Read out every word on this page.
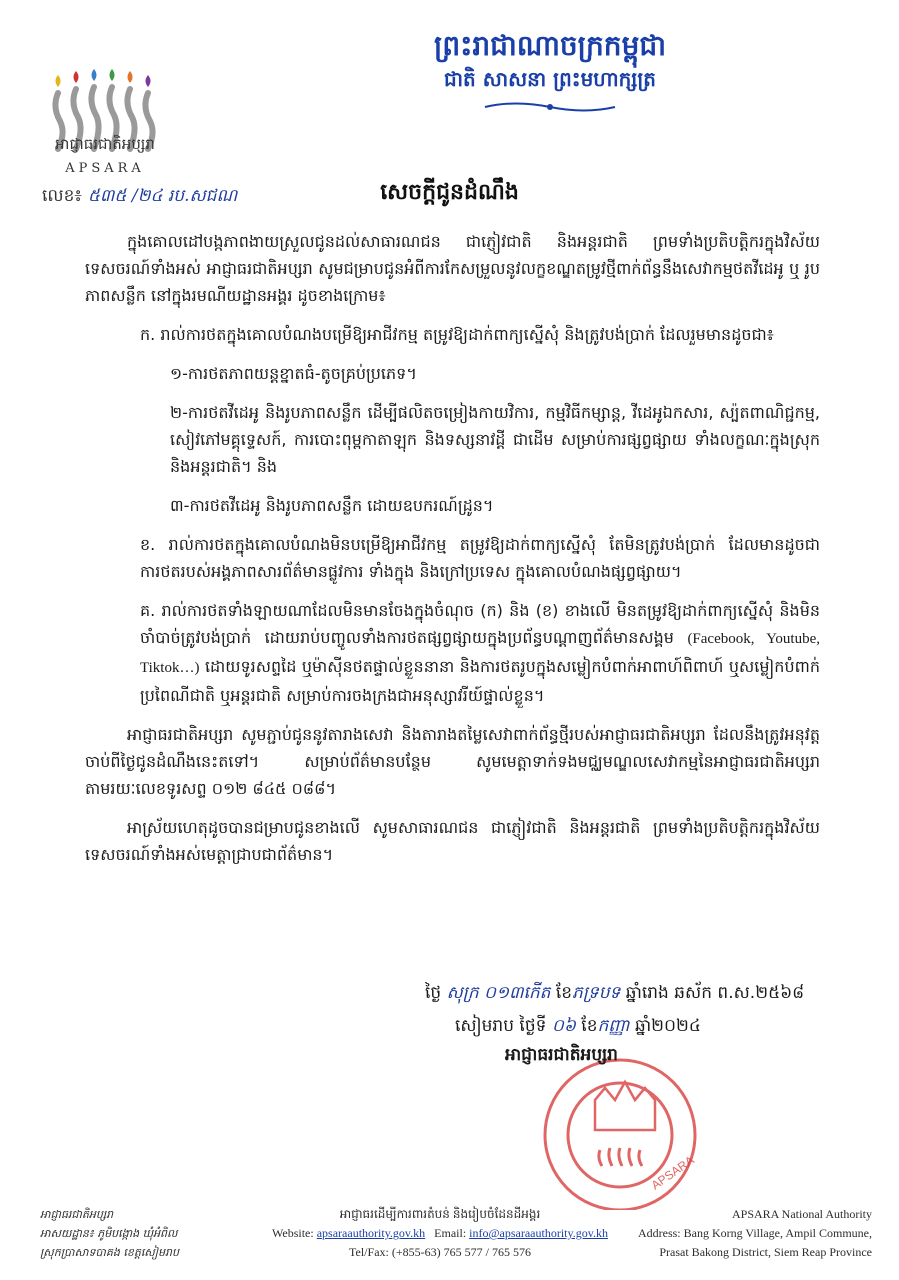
អាជ្ញាធរជាតិអប្សរា
APSARA
ព្រះរាជាណាចក្រកម្ពុជា
ជាតិ សាសនា ព្រះមហាក្សត្រ
លេខ៖ ៥៣៥ /២៤ រប.សជណ	សេចក្តីជូនដំណឹង

ក្នុងគោលដៅបង្កភាពងាយស្រួលជូនដល់សាធារណជន ជាភ្ញៀវជាតិ និងអន្តរជាតិ ព្រមទាំងប្រតិបត្តិករក្នុងវិស័យទេសចរណ៍ទាំងអស់ អាជ្ញាធរជាតិអប្សរា សូមជម្រាបជូនអំពីការកែសម្រួលនូវលក្ខខណ្ឌតម្រូវថ្មីពាក់ព័ន្ធនឹងសេវាកម្មថតវីដេអូ ឬ រូបភាពសន្លឹក នៅក្នុងរមណីយដ្ឋានអង្គរ ដូចខាងក្រោម៖

ក. រាល់ការថតក្នុងគោលបំណងបម្រើឱ្យអាជីវកម្ម តម្រូវឱ្យដាក់ពាក្យស្នើសុំ និងត្រូវបង់ប្រាក់ ដែលរួមមានដូចជា៖

១-ការថតភាពយន្តខ្នាតធំ-តូចគ្រប់ប្រភេទ។

២-ការថតវីដេអូ និងរូបភាពសន្លឹក ដើម្បីផលិតចម្រៀងកាយវិការ, កម្មវិធីកម្សាន្ត, វីដេអូឯកសារ, ស្ប៉តពាណិជ្ជកម្ម, សៀវភៅមគ្គុទ្ទេសក៍, ការបោះពុម្ពកាតាឡុក និងទស្សនាវដ្តី ជាដើម សម្រាប់ការផ្សព្វផ្សាយ ទាំងលក្ខណៈក្នុងស្រុក និងអន្តរជាតិ។ និង

៣-ការថតវីដេអូ និងរូបភាពសន្លឹក ដោយឧបករណ៍ដ្រូន។

ខ. រាល់ការថតក្នុងគោលបំណងមិនបម្រើឱ្យអាជីវកម្ម តម្រូវឱ្យដាក់ពាក្យស្នើសុំ តែមិនត្រូវបង់ប្រាក់ ដែលមានដូចជា ការថតរបស់អង្គភាពសារព័ត៌មានផ្លូវការ ទាំងក្នុង និងក្រៅប្រទេស ក្នុងគោលបំណងផ្សព្វផ្សាយ។

គ. រាល់ការថតទាំងឡាយណាដែលមិនមានចែងក្នុងចំណុច (ក) និង (ខ) ខាងលើ មិនតម្រូវឱ្យដាក់ពាក្យស្នើសុំ និងមិនចាំបាច់ត្រូវបង់ប្រាក់ ដោយរាប់បញ្ចូលទាំងការថតផ្សព្វផ្សាយក្នុងប្រព័ន្ធបណ្តាញព័ត៌មានសង្គម (Facebook, Youtube, Tiktok…) ដោយទូរសព្ទដៃ ឬម៉ាស៊ីនថតផ្ទាល់ខ្លួននានា និងការថតរូបក្នុងសម្លៀកបំពាក់អាពាហ៍ពិពាហ៍ ឬសម្លៀកបំពាក់ប្រពៃណីជាតិ ឬអន្តរជាតិ សម្រាប់ការចងក្រងជាអនុស្សាវរីយ៍ផ្ទាល់ខ្លួន។

អាជ្ញាធរជាតិអប្សរា សូមភ្ជាប់ជូននូវតារាងសេវា និងតារាងតម្លៃសេវាពាក់ព័ន្ធថ្មីរបស់អាជ្ញាធរជាតិអប្សរា ដែលនឹងត្រូវអនុវត្តចាប់ពីថ្ងៃជូនដំណឹងនេះតទៅ។ សម្រាប់ព័ត៌មានបន្ថែម សូមមេត្តាទាក់ទងមជ្ឈមណ្ឌលសេវាកម្មនៃអាជ្ញាធរជាតិអប្សរា តាមរយៈលេខទូរសព្ទ ០១២ ៨៤៥ ០៨៨។

អាស្រ័យហេតុដូចបានជម្រាបជូនខាងលើ សូមសាធារណជន ជាភ្ញៀវជាតិ និងអន្តរជាតិ ព្រមទាំងប្រតិបត្តិករក្នុងវិស័យទេសចរណ៍ទាំងអស់មេត្តាជ្រាបជាព័ត៌មាន។

ថ្ងៃ សុក្រ ០១៣កើត ខែភទ្របទ ឆ្នាំរោង ឆស័ក ព.ស.២៥៦៨
សៀមរាប ថ្ងៃទី ០៦ ខែកញ្ញា ឆ្នាំ២០២៤
APSARA
អាជ្ញាធរជាតិអប្សរា
អាជ្ញាធរជាតិអប្សរា
អាសយដ្ឋាន៖ ភូមិបង្កោង ឃុំអំពិល
ស្រុកប្រាសាទបាគង ខេត្តសៀមរាប
អាជ្ញាធរដើម្បីការពារតំបន់ និងរៀបចំដែនដីអង្គរ
Website: apsaraauthority.gov.kh Email: info@apsaraauthority.gov.kh
Tel/Fax: (+855-63) 765 577 / 765 576
APSARA National Authority
Address: Bang Korng Village, Ampil Commune,
Prasat Bakong District, Siem Reap Province
